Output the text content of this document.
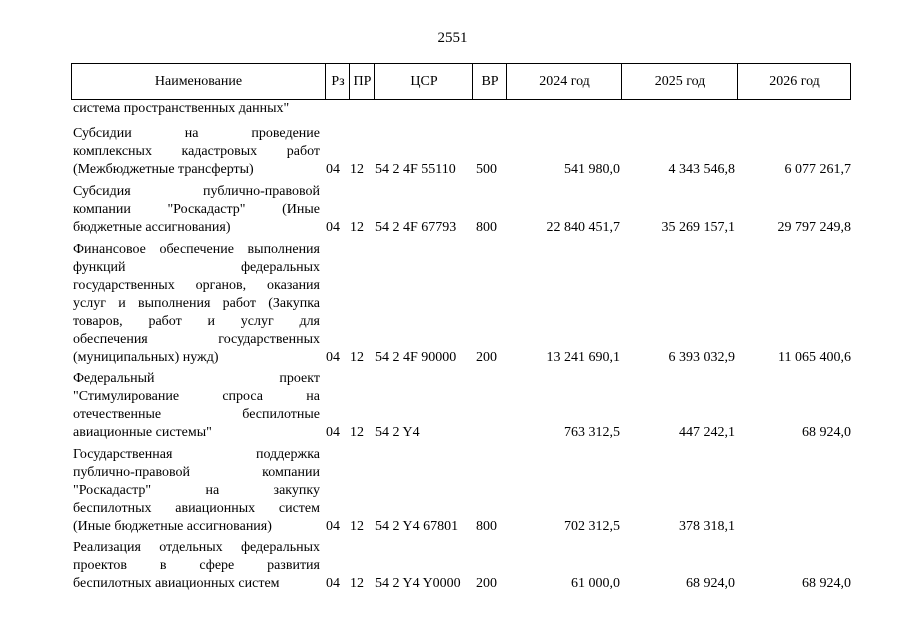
2551
Наименование	Рз ПР	ЦСР	ВР	2024 год	2025 год	2026 год
система пространственных данных"
Субсидии на проведение
комплексных кадастровых работ
(Межбюджетные трансферты)	04 12 54 2 4F 55110 500	541 980,0	4 343 546,8	6 077 261,7
Субсидия публично-правовой
компании "Роскадастр" (Иные
бюджетные ассигнования)	04 12 54 2 4F 67793 800	22 840 451,7	35 269 157,1	29 797 249,8
Финансовое обеспечение выполнения
функций федеральных
государственных органов, оказания
услуг и выполнения работ (Закупка
товаров, работ и услуг для
обеспечения государственных
(муниципальных) нужд)	04 12 54 2 4F 90000 200	13 241 690,1	6 393 032,9	11 065 400,6
Федеральный проект
"Стимулирование спроса на
отечественные беспилотные
авиационные системы"	04 12 54 2 Y4	763 312,5	447 242,1	68 924,0
Государственная поддержка
публично-правовой компании
"Роскадастр" на закупку
беспилотных авиационных систем
(Иные бюджетные ассигнования)	04 12 54 2 Y4 67801 800	702 312,5	378 318,1
Реализация отдельных федеральных
проектов в сфере развития
беспилотных авиационных систем	04 12 54 2 Y4 Y0000 200	61 000,0	68 924,0	68 924,0
